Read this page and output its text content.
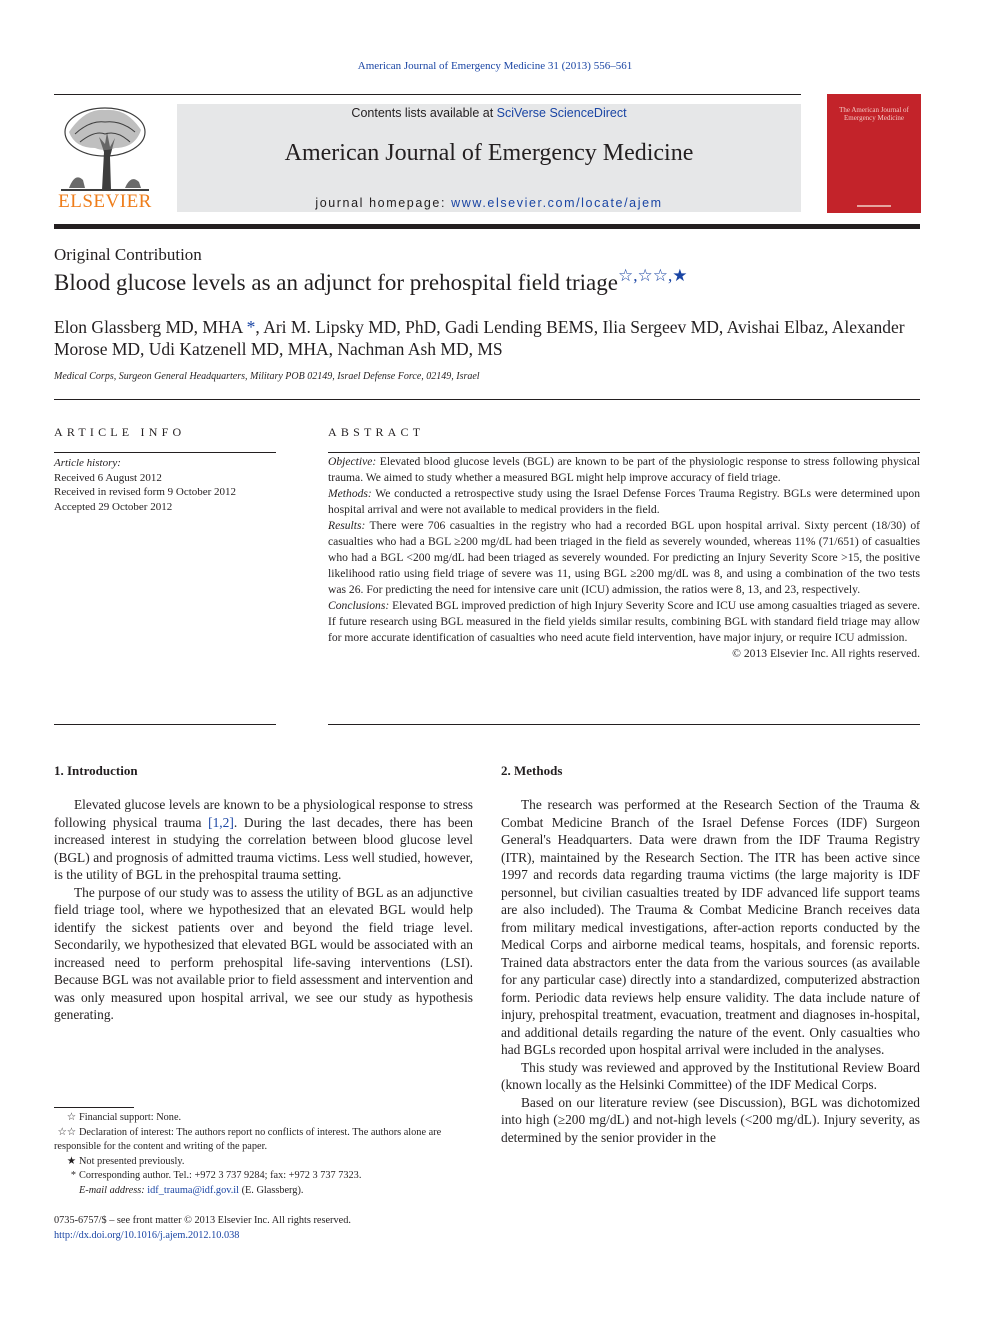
American Journal of Emergency Medicine 31 (2013) 556–561
ELSEVIER
Contents lists available at SciVerse ScienceDirect
American Journal of Emergency Medicine
journal homepage: www.elsevier.com/locate/ajem
The American Journal of Emergency Medicine
Original Contribution
Blood glucose levels as an adjunct for prehospital field triage☆,☆☆,★
Elon Glassberg MD, MHA *, Ari M. Lipsky MD, PhD, Gadi Lending BEMS, Ilia Sergeev MD, Avishai Elbaz, Alexander Morose MD, Udi Katzenell MD, MHA, Nachman Ash MD, MS
Medical Corps, Surgeon General Headquarters, Military POB 02149, Israel Defense Force, 02149, Israel
ARTICLE INFO
Article history:
Received 6 August 2012
Received in revised form 9 October 2012
Accepted 29 October 2012
ABSTRACT

Objective: Elevated blood glucose levels (BGL) are known to be part of the physiologic response to stress following physical trauma. We aimed to study whether a measured BGL might help improve accuracy of field triage.

Methods: We conducted a retrospective study using the Israel Defense Forces Trauma Registry. BGLs were determined upon hospital arrival and were not available to medical providers in the field.

Results: There were 706 casualties in the registry who had a recorded BGL upon hospital arrival. Sixty percent (18/30) of casualties who had a BGL ≥200 mg/dL had been triaged in the field as severely wounded, whereas 11% (71/651) of casualties who had a BGL <200 mg/dL had been triaged as severely wounded. For predicting an Injury Severity Score >15, the positive likelihood ratio using field triage of severe was 11, using BGL ≥200 mg/dL was 8, and using a combination of the two tests was 26. For predicting the need for intensive care unit (ICU) admission, the ratios were 8, 13, and 23, respectively.

Conclusions: Elevated BGL improved prediction of high Injury Severity Score and ICU use among casualties triaged as severe. If future research using BGL measured in the field yields similar results, combining BGL with standard field triage may allow for more accurate identification of casualties who need acute field intervention, have major injury, or require ICU admission.

© 2013 Elsevier Inc. All rights reserved.

1. Introduction

Elevated glucose levels are known to be a physiological response to stress following physical trauma [1,2]. During the last decades, there has been increased interest in studying the correlation between blood glucose level (BGL) and prognosis of admitted trauma victims. Less well studied, however, is the utility of BGL in the prehospital trauma setting.

The purpose of our study was to assess the utility of BGL as an adjunctive field triage tool, where we hypothesized that an elevated BGL would help identify the sickest patients over and beyond the field triage level. Secondarily, we hypothesized that elevated BGL would be associated with an increased need to perform prehospital life-saving interventions (LSI). Because BGL was not available prior to field assessment and intervention and was only measured upon hospital arrival, we see our study as hypothesis generating.

2. Methods

The research was performed at the Research Section of the Trauma & Combat Medicine Branch of the Israel Defense Forces (IDF) Surgeon General's Headquarters. Data were drawn from the IDF Trauma Registry (ITR), maintained by the Research Section. The ITR has been active since 1997 and records data regarding trauma victims (the large majority is IDF personnel, but civilian casualties treated by IDF advanced life support teams are also included). The Trauma & Combat Medicine Branch receives data from military medical investigations, after-action reports conducted by the Medical Corps and airborne medical teams, hospitals, and forensic reports. Trained data abstractors enter the data from the various sources (as available for any particular case) directly into a standardized, computerized abstraction form. Periodic data reviews help ensure validity. The data include nature of injury, prehospital treatment, evacuation, treatment and diagnoses in-hospital, and additional details regarding the nature of the event. Only casualties who had BGLs recorded upon hospital arrival were included in the analyses.

This study was reviewed and approved by the Institutional Review Board (known locally as the Helsinki Committee) of the IDF Medical Corps.

Based on our literature review (see Discussion), BGL was dichotomized into high (≥200 mg/dL) and not-high levels (<200 mg/dL). Injury severity, as determined by the senior provider in the

☆ Financial support: None.
☆☆ Declaration of interest: The authors report no conflicts of interest. The authors alone are responsible for the content and writing of the paper.
★ Not presented previously.
* Corresponding author. Tel.: +972 3 737 9284; fax: +972 3 737 7323.
E-mail address: idf_trauma@idf.gov.il (E. Glassberg).
0735-6757/$ – see front matter © 2013 Elsevier Inc. All rights reserved.
http://dx.doi.org/10.1016/j.ajem.2012.10.038
